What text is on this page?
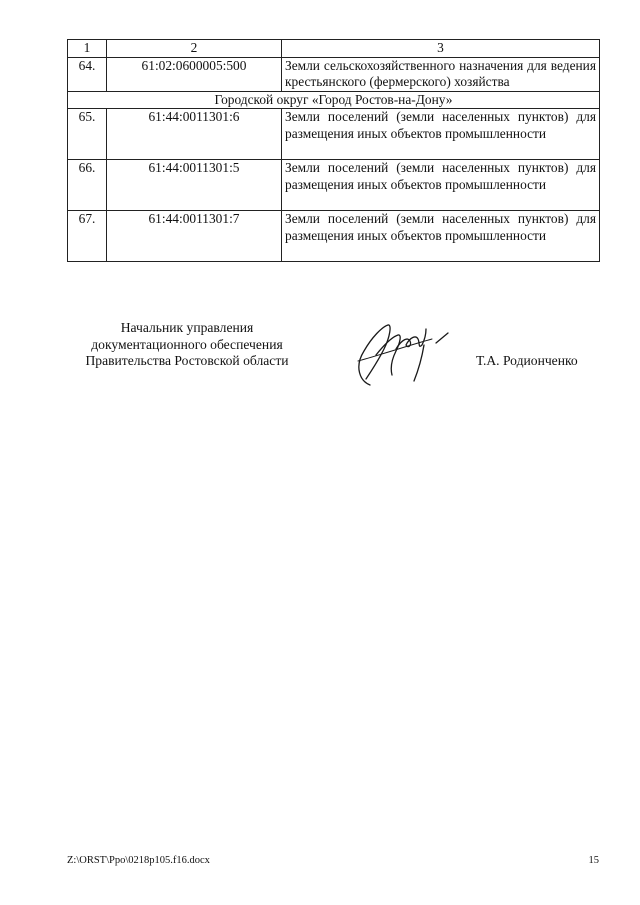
1	2	3
64.	61:02:0600005:500	Земли сельскохозяйственного назначения для ведения крестьянского (фермерского) хозяйства
Городской округ «Город Ростов-на-Дону»		
65.	61:44:0011301:6	Земли поселений (земли населенных пунктов) для размещения иных объектов промышленности
66.	61:44:0011301:5	Земли поселений (земли населенных пунктов) для размещения иных объектов промышленности
67.	61:44:0011301:7	Земли поселений (земли населенных пунктов) для размещения иных объектов промышленности
Начальник управления
документационного обеспечения
Правительства Ростовской области	Т.А. Родионченко
Z:\ORST\Ppo\0218p105.f16.docx	15
